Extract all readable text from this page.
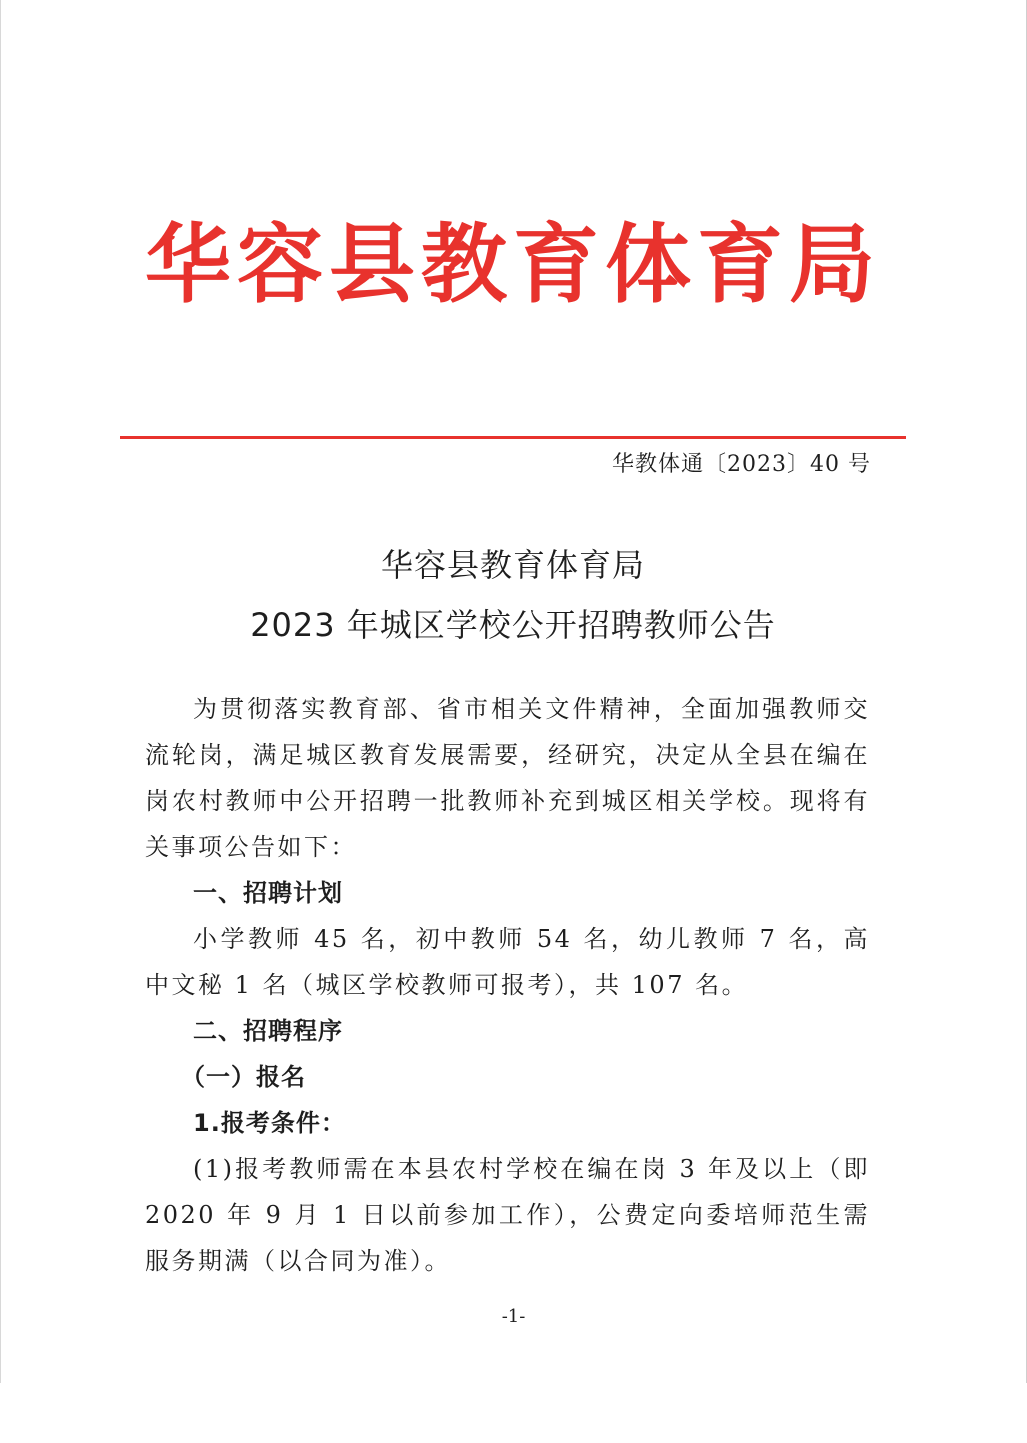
华容县教育体育局
华教体通〔2023〕40 号
华容县教育体育局
2023 年城区学校公开招聘教师公告

为贯彻落实教育部、省市相关文件精神，全面加强教师交流轮岗，满足城区教育发展需要，经研究，决定从全县在编在岗农村教师中公开招聘一批教师补充到城区相关学校。现将有关事项公告如下：

一、招聘计划

小学教师 45 名，初中教师 54 名，幼儿教师 7 名，高中文秘 1 名（城区学校教师可报考），共 107 名。

二、招聘程序

（一）报名

1.报考条件：

(1)报考教师需在本县农村学校在编在岗 3 年及以上（即 2020 年 9 月 1 日以前参加工作），公费定向委培师范生需服务期满（以合同为准）。

-1-
